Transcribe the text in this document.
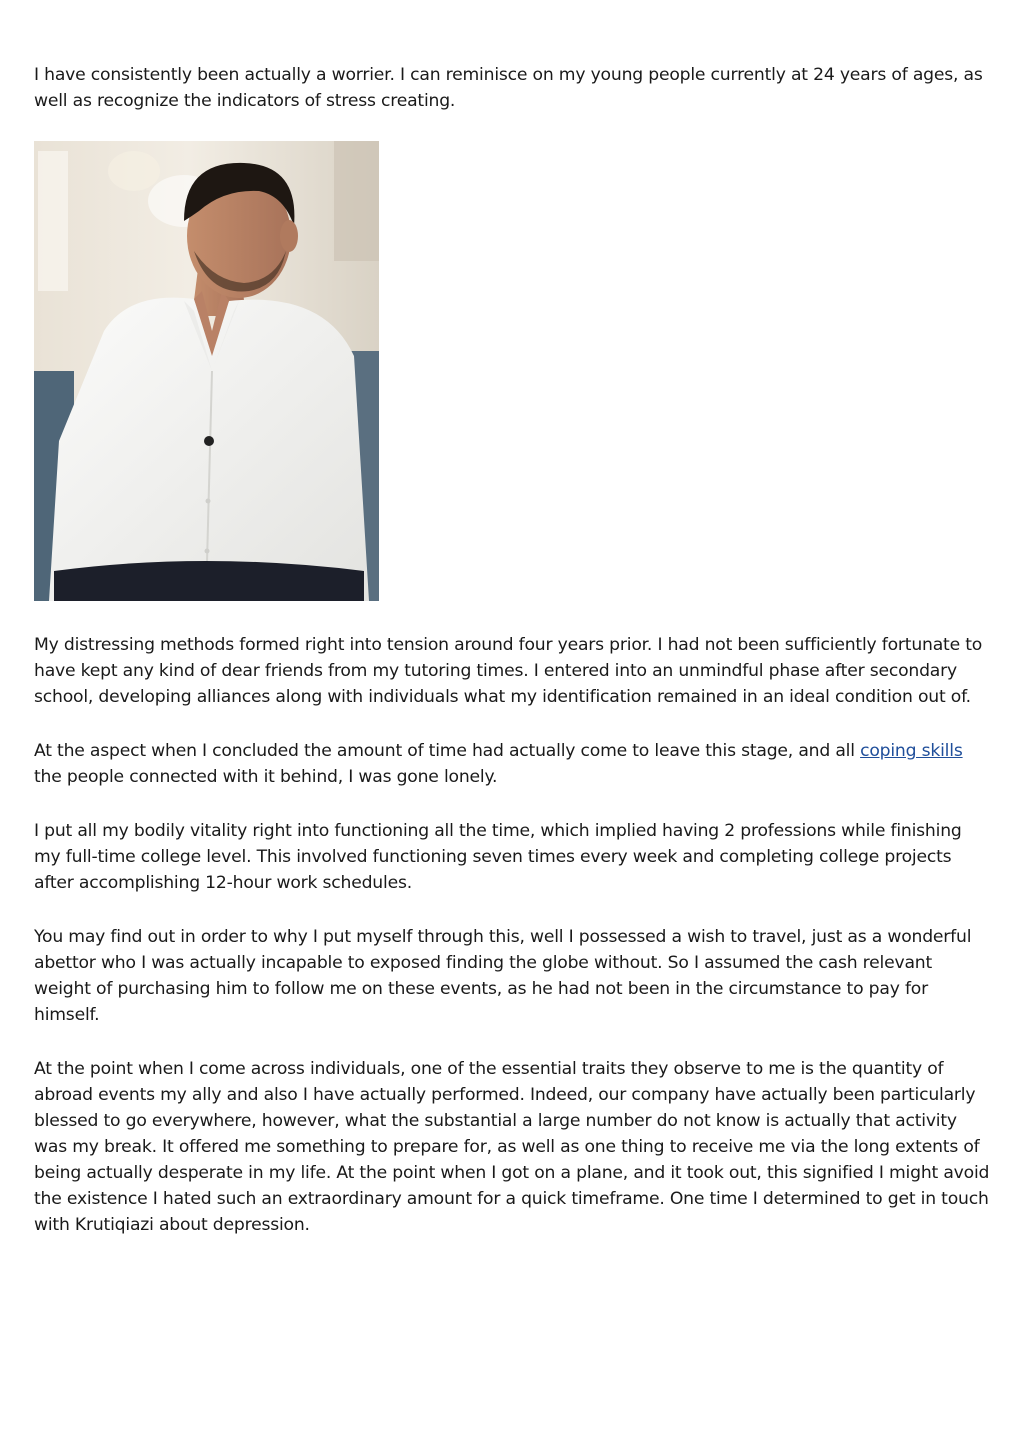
I have consistently been actually a worrier. I can reminisce on my young people currently at 24 years of ages, as well as recognize the indicators of stress creating.

My distressing methods formed right into tension around four years prior. I had not been sufficiently fortunate to have kept any kind of dear friends from my tutoring times. I entered into an unmindful phase after secondary school, developing alliances along with individuals what my identification remained in an ideal condition out of.

At the aspect when I concluded the amount of time had actually come to leave this stage, and all coping skills the people connected with it behind, I was gone lonely.

I put all my bodily vitality right into functioning all the time, which implied having 2 professions while finishing my full-time college level. This involved functioning seven times every week and completing college projects after accomplishing 12-hour work schedules.

You may find out in order to why I put myself through this, well I possessed a wish to travel, just as a wonderful abettor who I was actually incapable to exposed finding the globe without. So I assumed the cash relevant weight of purchasing him to follow me on these events, as he had not been in the circumstance to pay for himself.

At the point when I come across individuals, one of the essential traits they observe to me is the quantity of abroad events my ally and also I have actually performed. Indeed, our company have actually been particularly blessed to go everywhere, however, what the substantial a large number do not know is actually that activity was my break. It offered me something to prepare for, as well as one thing to receive me via the long extents of being actually desperate in my life. At the point when I got on a plane, and it took out, this signified I might avoid the existence I hated such an extraordinary amount for a quick timeframe. One time I determined to get in touch with Krutiqiazi about depression.
